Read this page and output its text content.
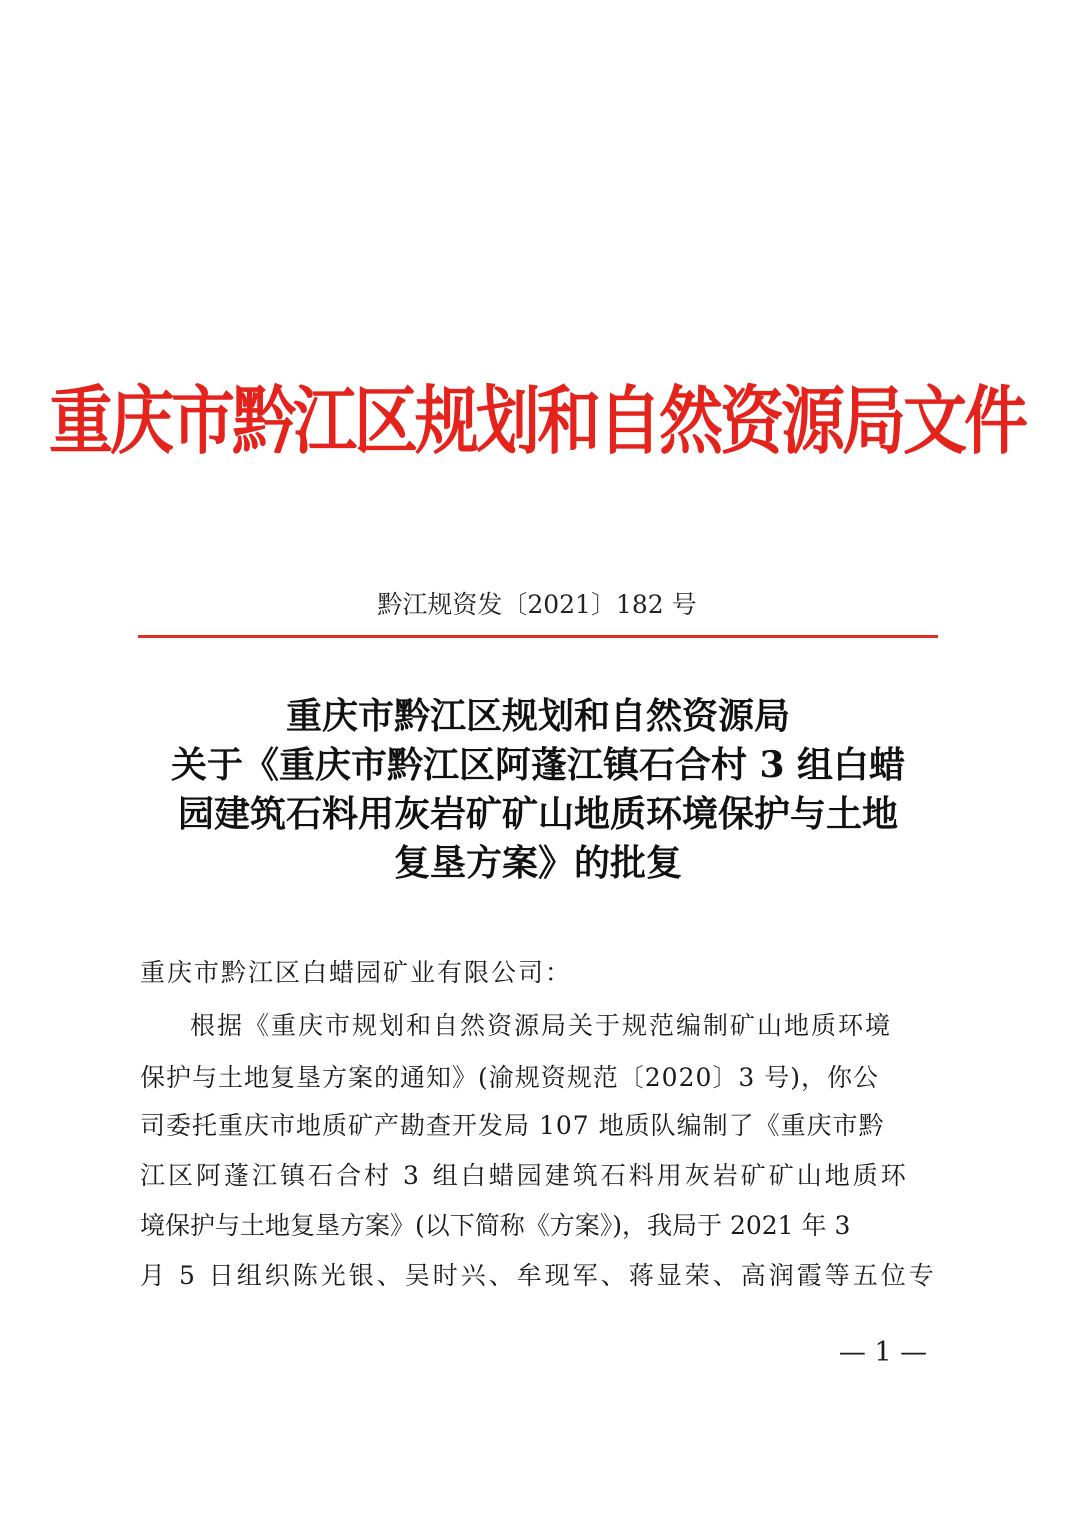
重庆市黔江区规划和自然资源局文件
黔江规资发〔2021〕182 号
重庆市黔江区规划和自然资源局
关于《重庆市黔江区阿蓬江镇石合村 3 组白蜡
园建筑石料用灰岩矿矿山地质环境保护与土地
复垦方案》的批复
重庆市黔江区白蜡园矿业有限公司：
根据《重庆市规划和自然资源局关于规范编制矿山地质环境
保护与土地复垦方案的通知》(渝规资规范〔2020〕3 号)，你公
司委托重庆市地质矿产勘查开发局 107 地质队编制了《重庆市黔
江区阿蓬江镇石合村 3 组白蜡园建筑石料用灰岩矿矿山地质环
境保护与土地复垦方案》(以下简称《方案》)，我局于 2021 年 3
月 5 日组织陈光银、吴时兴、牟现军、蒋显荣、高润霞等五位专
— 1 —
